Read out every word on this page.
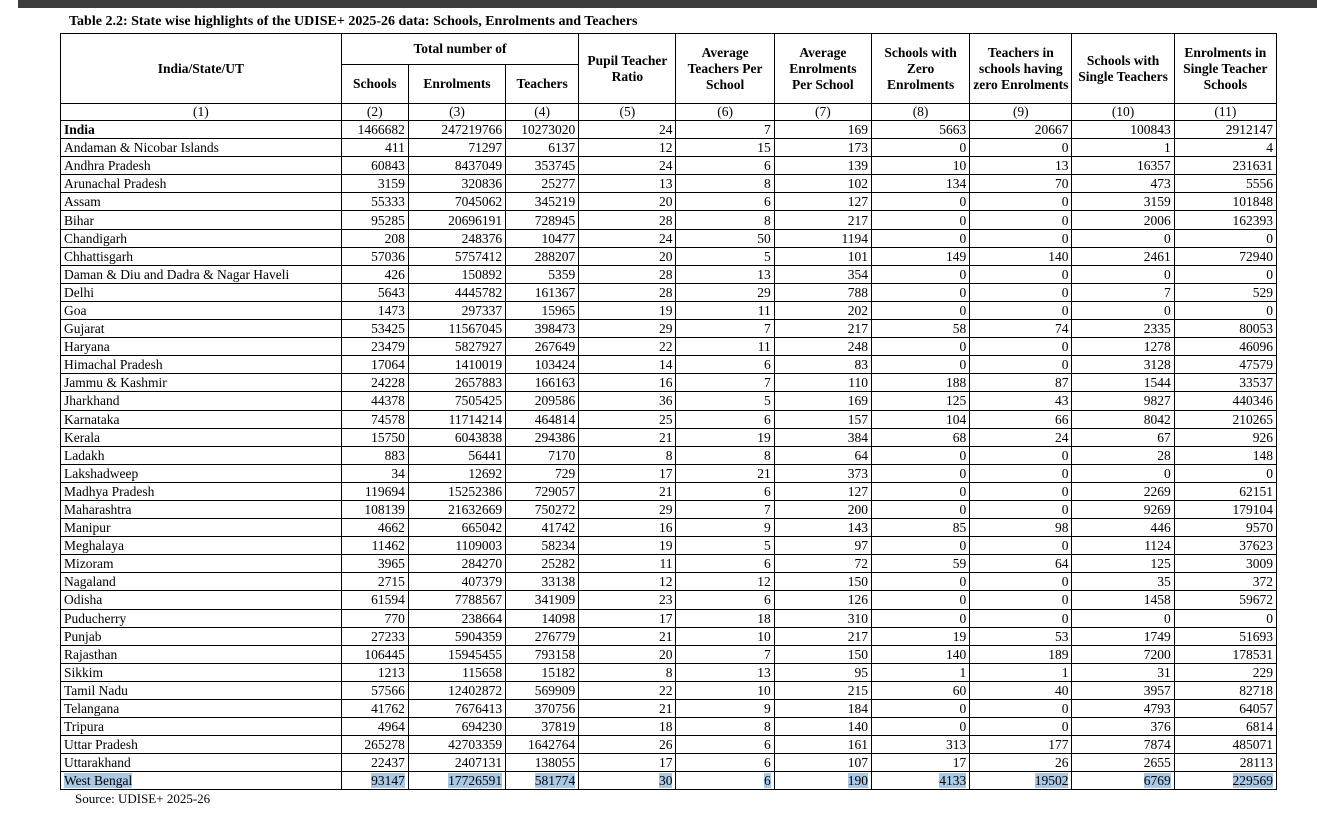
Table 2.2: State wise highlights of the UDISE+ 2025-26 data: Schools, Enrolments and Teachers
India/State/UT	Total number of			Pupil Teacher Ratio	Average Teachers Per School	Average Enrolments Per School	Schools with Zero Enrolments	Teachers in schools having zero Enrolments	Schools with Single Teachers	Enrolments in Single Teacher Schools
	Schools	Enrolments	Teachers							
(1)	(2)	(3)	(4)	(5)	(6)	(7)	(8)	(9)	(10)	(11)
India	1466682	247219766	10273020	24	7	169	5663	20667	100843	2912147
Andaman & Nicobar Islands	411	71297	6137	12	15	173	0	0	1	4
Andhra Pradesh	60843	8437049	353745	24	6	139	10	13	16357	231631
Arunachal Pradesh	3159	320836	25277	13	8	102	134	70	473	5556
Assam	55333	7045062	345219	20	6	127	0	0	3159	101848
Bihar	95285	20696191	728945	28	8	217	0	0	2006	162393
Chandigarh	208	248376	10477	24	50	1194	0	0	0	0
Chhattisgarh	57036	5757412	288207	20	5	101	149	140	2461	72940
Daman & Diu and Dadra & Nagar Haveli	426	150892	5359	28	13	354	0	0	0	0
Delhi	5643	4445782	161367	28	29	788	0	0	7	529
Goa	1473	297337	15965	19	11	202	0	0	0	0
Gujarat	53425	11567045	398473	29	7	217	58	74	2335	80053
Haryana	23479	5827927	267649	22	11	248	0	0	1278	46096
Himachal Pradesh	17064	1410019	103424	14	6	83	0	0	3128	47579
Jammu & Kashmir	24228	2657883	166163	16	7	110	188	87	1544	33537
Jharkhand	44378	7505425	209586	36	5	169	125	43	9827	440346
Karnataka	74578	11714214	464814	25	6	157	104	66	8042	210265
Kerala	15750	6043838	294386	21	19	384	68	24	67	926
Ladakh	883	56441	7170	8	8	64	0	0	28	148
Lakshadweep	34	12692	729	17	21	373	0	0	0	0
Madhya Pradesh	119694	15252386	729057	21	6	127	0	0	2269	62151
Maharashtra	108139	21632669	750272	29	7	200	0	0	9269	179104
Manipur	4662	665042	41742	16	9	143	85	98	446	9570
Meghalaya	11462	1109003	58234	19	5	97	0	0	1124	37623
Mizoram	3965	284270	25282	11	6	72	59	64	125	3009
Nagaland	2715	407379	33138	12	12	150	0	0	35	372
Odisha	61594	7788567	341909	23	6	126	0	0	1458	59672
Puducherry	770	238664	14098	17	18	310	0	0	0	0
Punjab	27233	5904359	276779	21	10	217	19	53	1749	51693
Rajasthan	106445	15945455	793158	20	7	150	140	189	7200	178531
Sikkim	1213	115658	15182	8	13	95	1	1	31	229
Tamil Nadu	57566	12402872	569909	22	10	215	60	40	3957	82718
Telangana	41762	7676413	370756	21	9	184	0	0	4793	64057
Tripura	4964	694230	37819	18	8	140	0	0	376	6814
Uttar Pradesh	265278	42703359	1642764	26	6	161	313	177	7874	485071
Uttarakhand	22437	2407131	138055	17	6	107	17	26	2655	28113
West Bengal	93147	17726591	581774	30	6	190	4133	19502	6769	229569
Source: UDISE+ 2025-26
